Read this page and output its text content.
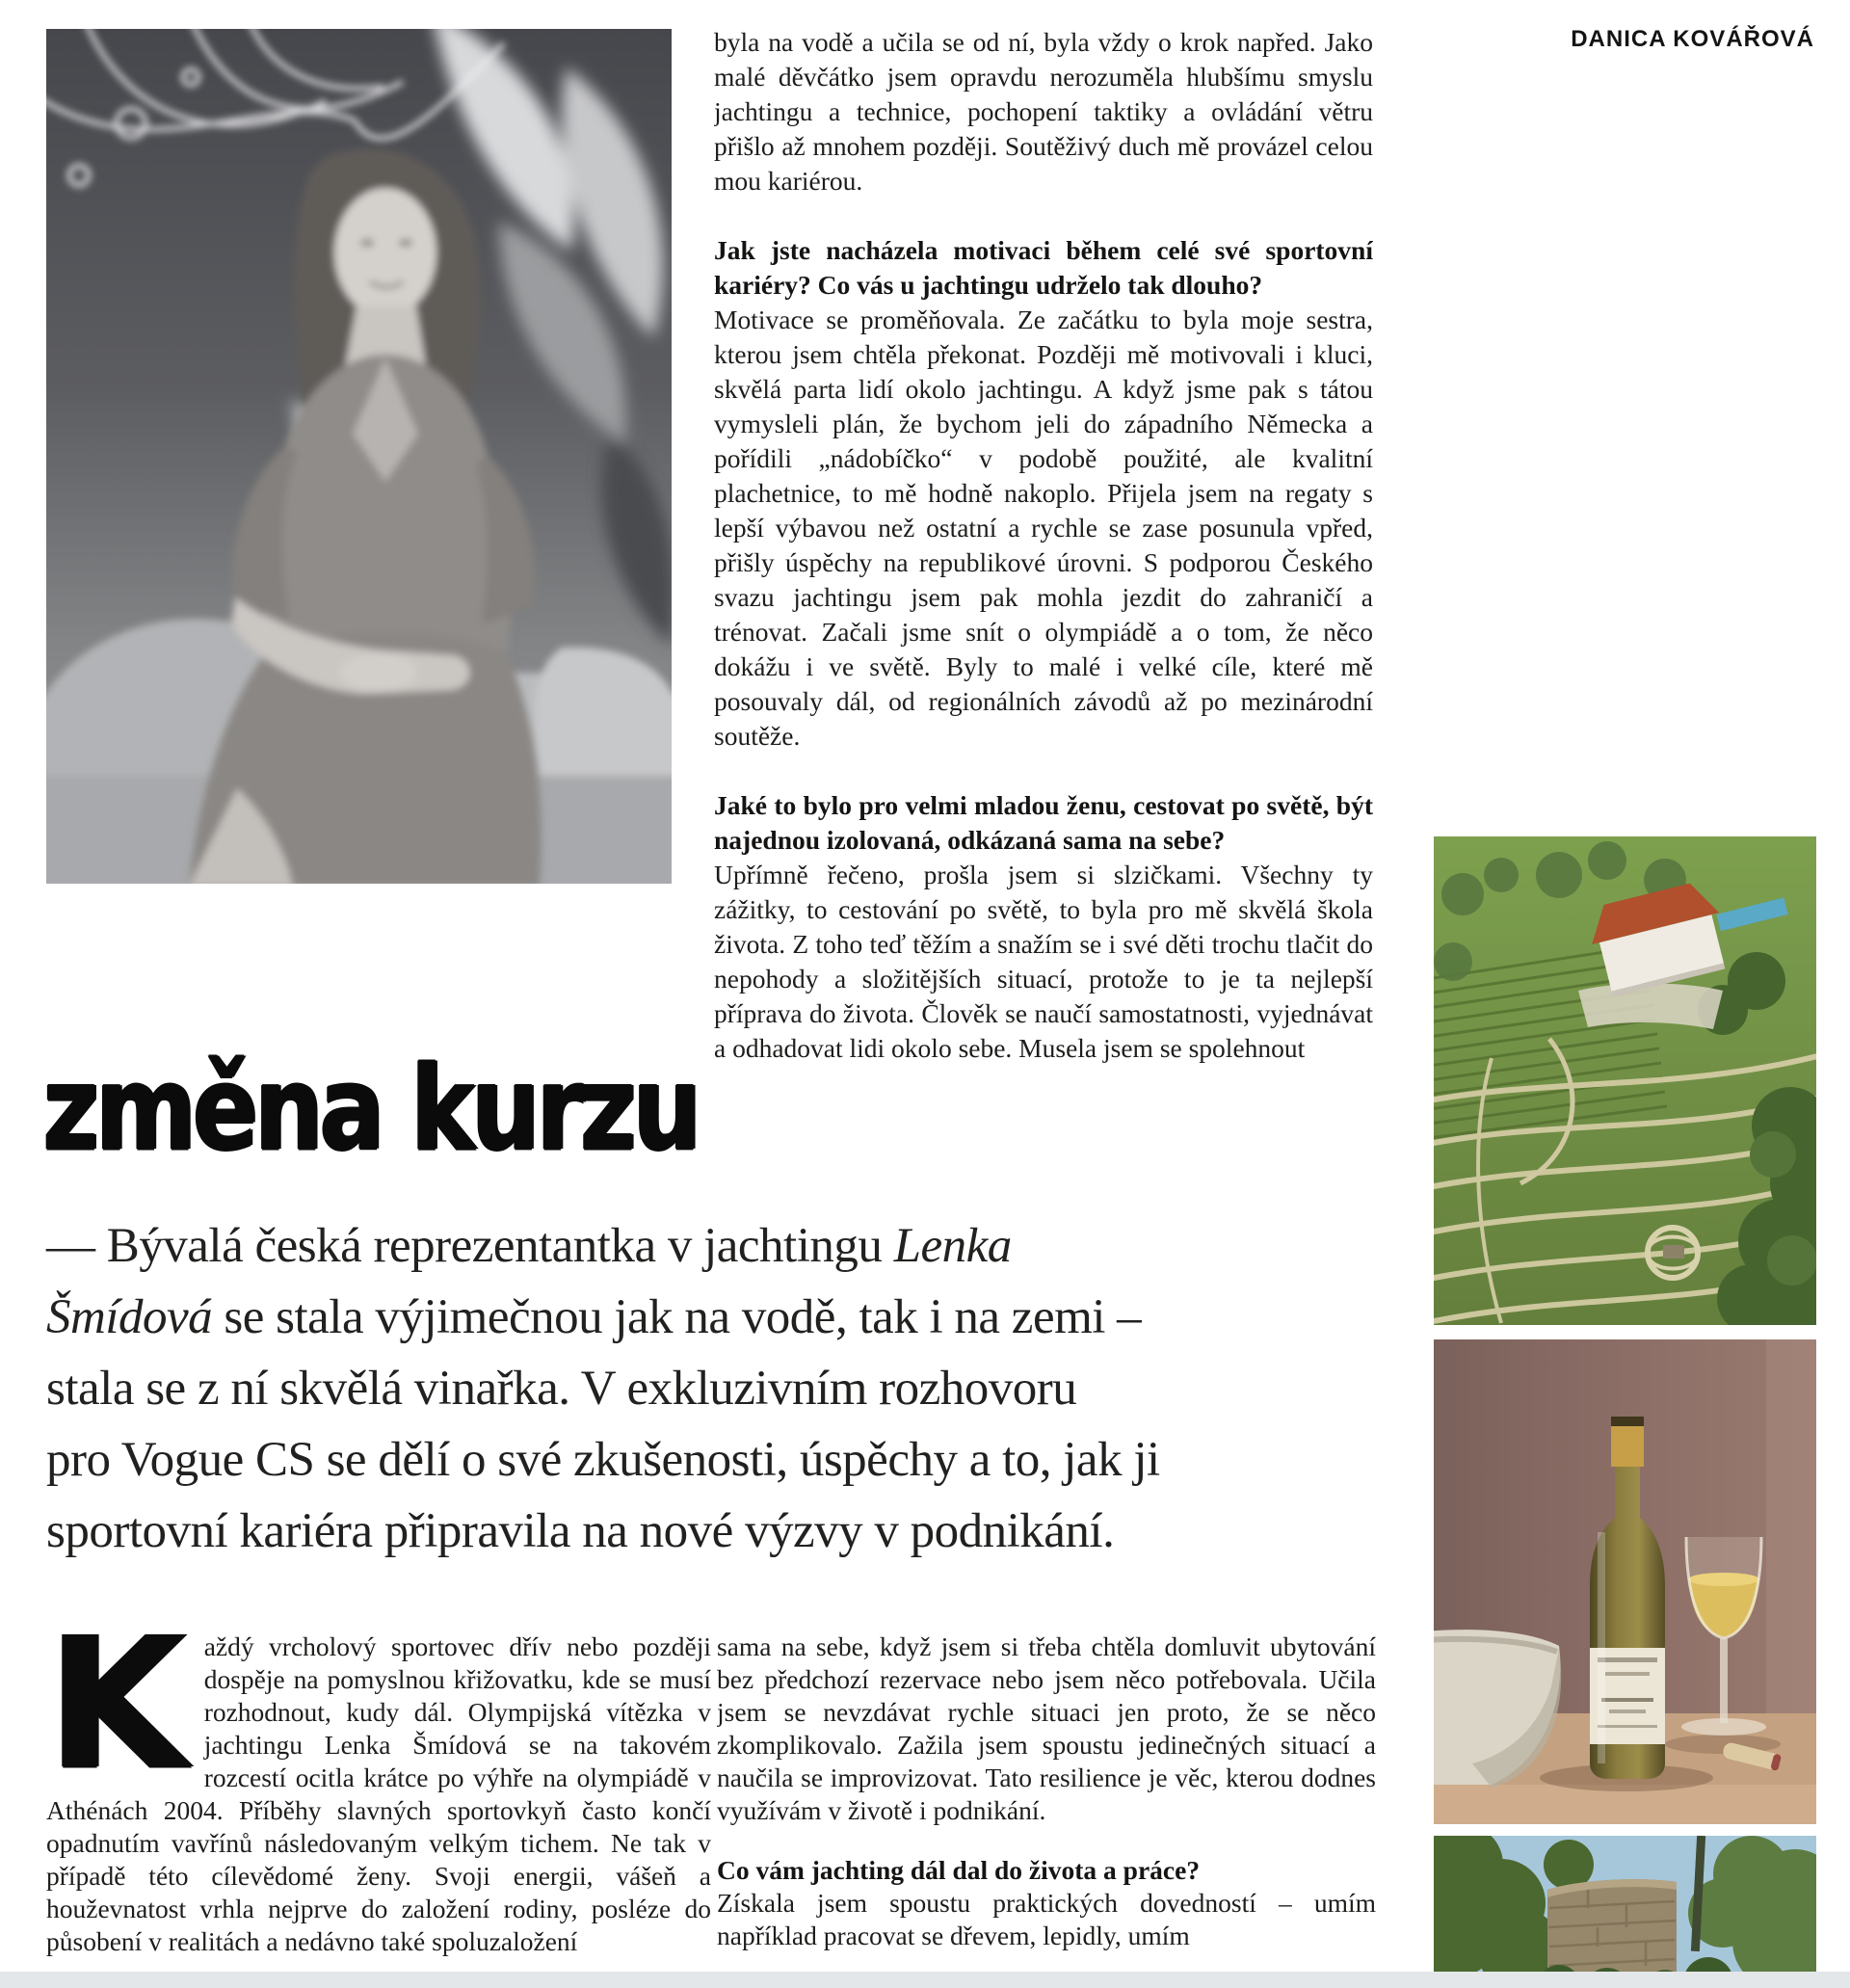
DANICA KOVÁŘOVÁ

byla na vodě a učila se od ní, byla vždy o krok napřed. Jako malé děvčátko jsem opravdu nerozuměla hlubšímu smyslu jachtingu a technice, pochopení taktiky a ovládání větru přišlo až mnohem později. Soutěživý duch mě provázel celou mou kariérou.

Jak jste nacházela motivaci během celé své sportovní kariéry? Co vás u jachtingu udrželo tak dlouho?

Motivace se proměňovala. Ze začátku to byla moje sestra, kterou jsem chtěla překonat. Později mě motivovali i kluci, skvělá parta lidí okolo jachtingu. A když jsme pak s tátou vymysleli plán, že bychom jeli do západního Německa a pořídili „nádobíčko“ v podobě použité, ale kvalitní plachetnice, to mě hodně nakoplo. Přijela jsem na regaty s lepší výbavou než ostatní a rychle se zase posunula vpřed, přišly úspěchy na republikové úrovni. S podporou Českého svazu jachtingu jsem pak mohla jezdit do zahraničí a trénovat. Začali jsme snít o olympiádě a o tom, že něco dokážu i ve světě. Byly to malé i velké cíle, které mě posouvaly dál, od regionálních závodů až po mezinárodní soutěže.

Jaké to bylo pro velmi mladou ženu, cestovat po světě, být najednou izolovaná, odkázaná sama na sebe?

Upřímně řečeno, prošla jsem si slzičkami. Všechny ty zážitky, to cestování po světě, to byla pro mě skvělá škola života. Z toho teď těžím a snažím se i své děti trochu tlačit do nepohody a složitějších situací, protože to je ta nejlepší příprava do života. Člověk se naučí samostatnosti, vyjednávat a odhadovat lidi okolo sebe. Musela jsem se spolehnout

změna kurzu
— Bývalá česká reprezentantka v jachtingu Lenka
Šmídová se stala výjimečnou jak na vodě, tak i na zemi –
stala se z ní skvělá vinařka. V exkluzivním rozhovoru
pro Vogue CS se dělí o své zkušenosti, úspěchy a to, jak ji
sportovní kariéra připravila na nové výzvy v podnikání.

Každý vrcholový sportovec dřív nebo později dospěje na pomyslnou křižovatku, kde se musí rozhodnout, kudy dál. Olympijská vítězka v jachtingu Lenka Šmídová se na takovém rozcestí ocitla krátce po výhře na olympiádě v Athénách 2004. Příběhy slavných sportovkyň často končí opadnutím vavřínů následovaným velkým tichem. Ne tak v případě této cílevědomé ženy. Svoji energii, vášeň a houževnatost vrhla nejprve do založení rodiny, posléze do působení v realitách a nedávno také spoluzaložení

sama na sebe, když jsem si třeba chtěla domluvit ubytování bez předchozí rezervace nebo jsem něco potřebovala. Učila jsem se nevzdávat rychle situaci jen proto, že se něco zkomplikovalo. Zažila jsem spoustu jedinečných situací a naučila se improvizovat. Tato resilience je věc, kterou dodnes využívám v životě i podnikání.

Co vám jachting dál dal do života a práce?

Získala jsem spoustu praktických dovedností – umím například pracovat se dřevem, lepidly, umím
